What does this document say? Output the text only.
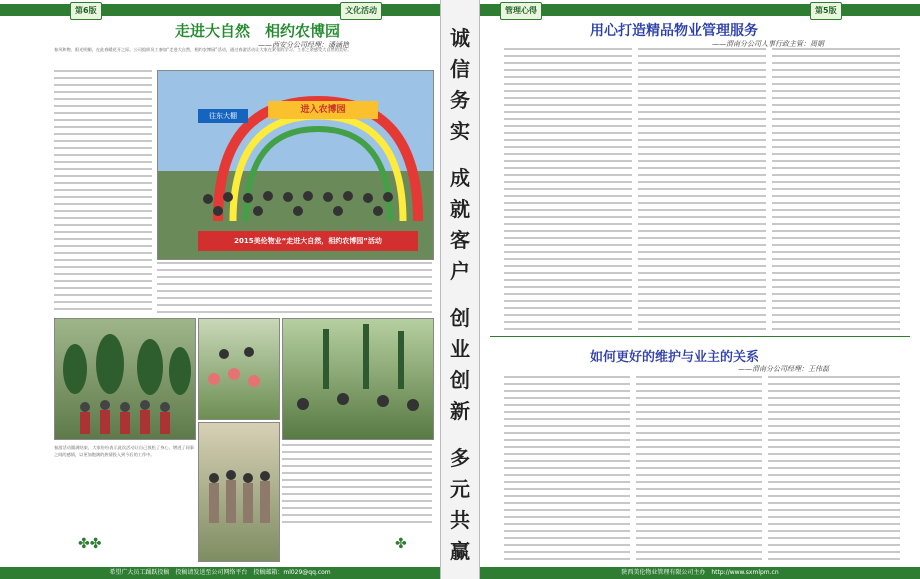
第6版	文化活动
走进大自然　相约农博园
——西安分公司经理：潘涵艳
春风和煦、阳光明媚，在此春暖花开之际，公司组织员工参加“走进大自然，相约农博园”活动，通过春游活动让大家在紧张的学习、工作之余感受大自然的美好。
往东大棚
进入农博园
2015美伦物业“走进大自然，相约农博园”活动
春游活动圆满结束，大家纷纷表示此次活动让自己放松了身心，增进了同事之间的感情，以更加饱满的热情投入到今后的工作中。
✤✤	✤
希望广大员工踊跃投稿　投稿请发送至公司网络平台　投稿邮箱：ml029@qq.com
诚
信
务
实
成
就
客
户
创
业
创
新
多
元
共
赢
管理心得	第5版
用心打造精品物业管理服务
——渭南分公司人事行政主管：周娟
如何更好的维护与业主的关系
——渭南分公司经理：王伟磊
陕西美伦物业管理有限公司主办　http://www.sxmlpm.cn
